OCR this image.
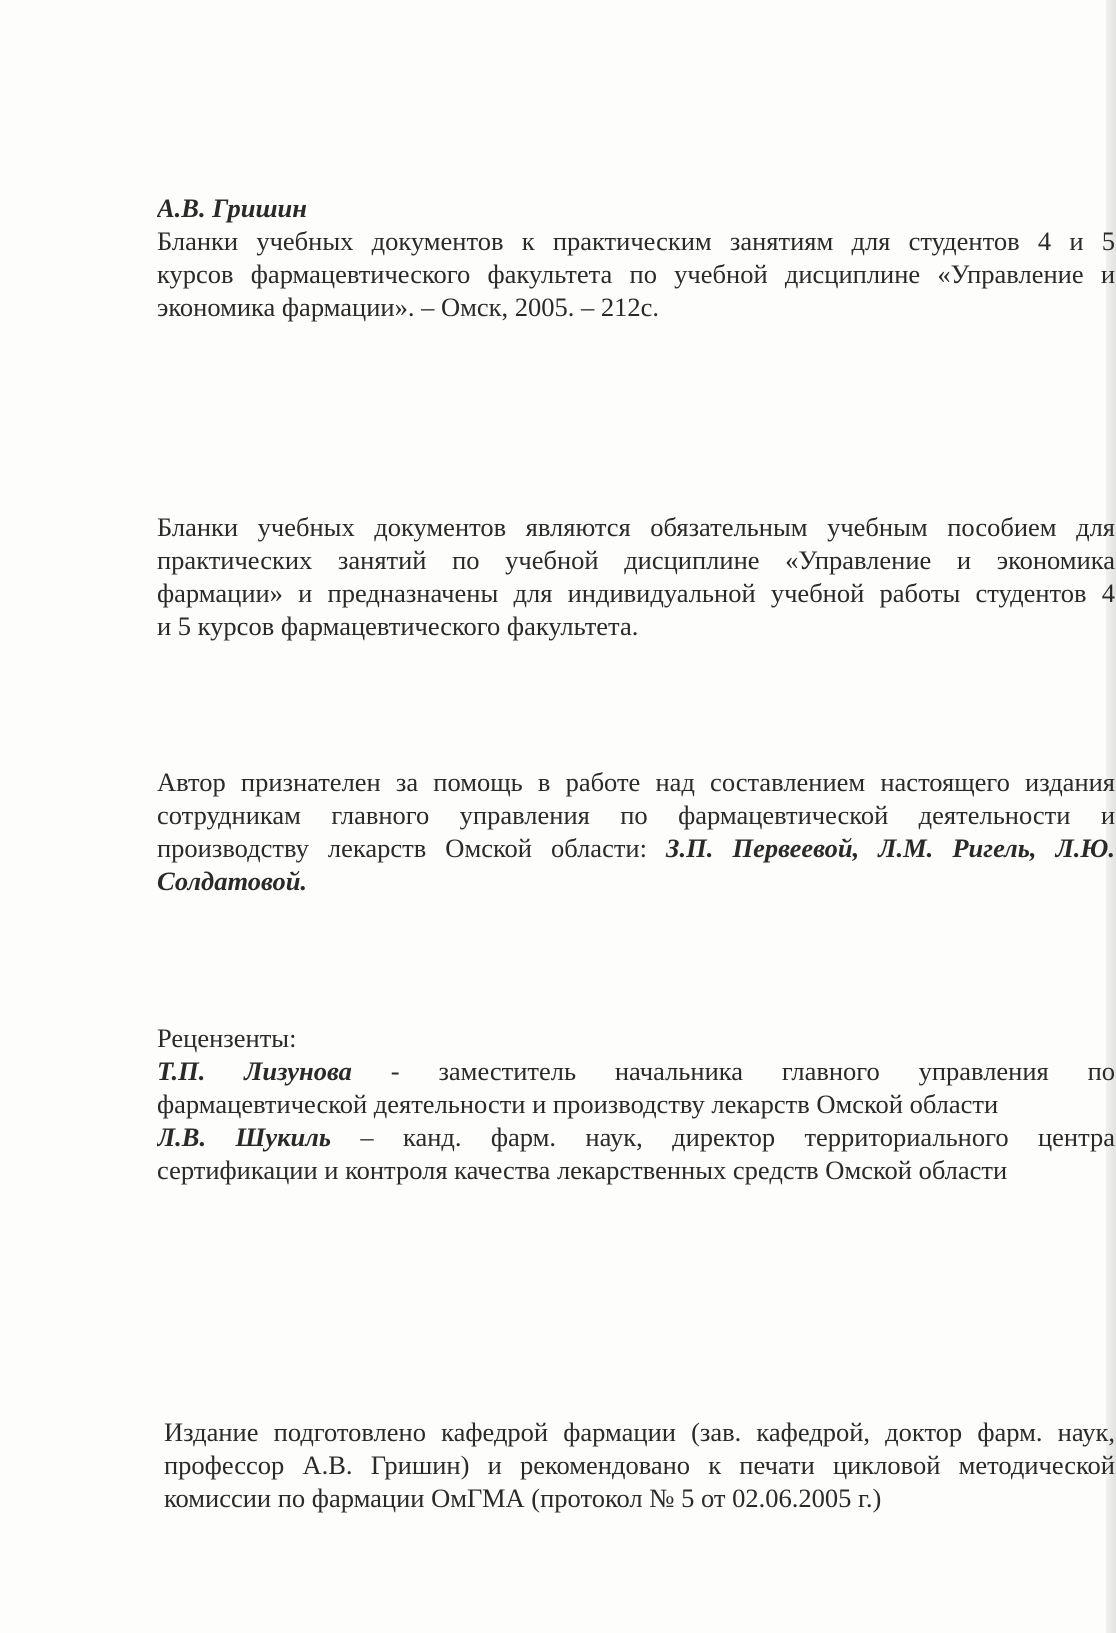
А.В. Гришин
Бланки учебных документов к практическим занятиям для студентов 4 и 5
курсов фармацевтического факультета по учебной дисциплине «Управление и
экономика фармации». – Омск, 2005. – 212с.
Бланки учебных документов являются обязательным учебным пособием для
практических занятий по учебной дисциплине «Управление и экономика
фармации» и предназначены для индивидуальной учебной работы студентов 4
и 5 курсов фармацевтического факультета.
Автор признателен за помощь в работе над составлением настоящего издания
сотрудникам главного управления по фармацевтической деятельности и
производству лекарств Омской области: З.П. Первеевой, Л.М. Ригель, Л.Ю.
Солдатовой.
Рецензенты:
Т.П. Лизунова - заместитель начальника главного управления по
фармацевтической деятельности и производству лекарств Омской области
Л.В. Шукиль – канд. фарм. наук, директор территориального центра
сертификации и контроля качества лекарственных средств Омской области
Издание подготовлено кафедрой фармации (зав. кафедрой, доктор фарм. наук,
профессор А.В. Гришин) и рекомендовано к печати цикловой методической
комиссии по фармации ОмГМА (протокол № 5 от 02.06.2005 г.)
